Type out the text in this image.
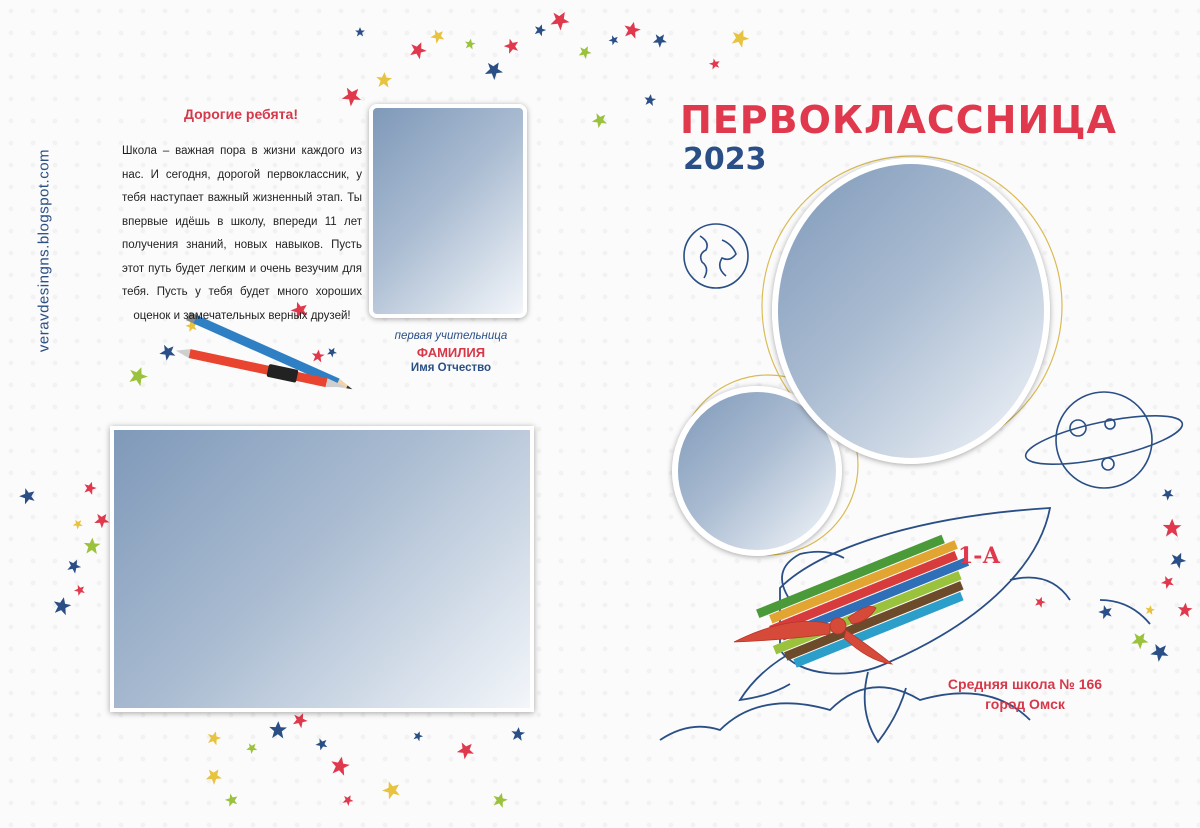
veravdesingns.blogspot.com
Дорогие ребята!
Школа – важная пора в жизни каждого из нас. И сегодня, дорогой первоклассник, у тебя наступает важный жизненный этап. Ты впервые идёшь в школу, впереди 11 лет получения знаний, новых навыков. Пусть этот путь будет легким и очень везучим для тебя. Пусть у тебя будет много хороших оценок и замечательных верных друзей!
первая учительница
ФАМИЛИЯ
Имя Отчество
ПЕРВОКЛАССНИЦА
2023
1-А
Средняя школа № 166
город Омск
